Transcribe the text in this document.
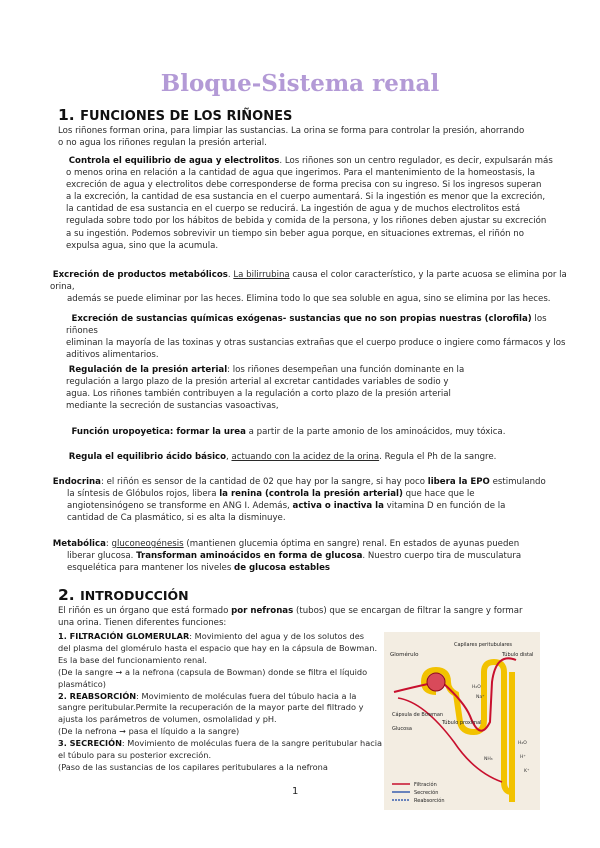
Bloque-Sistema renal
1. FUNCIONES DE LOS RIÑONES
Los riñones forman orina, para limpiar las sustancias. La orina se forma para controlar la presión, ahorrando
o no agua los riñones regulan la presión arterial.
Controla el equilibrio de agua y electrolitos. Los riñones son un centro regulador, es decir, expulsarán más
o menos orina en relación a la cantidad de agua que ingerimos. Para el mantenimiento de la homeostasis, la
excreción de agua y electrolitos debe corresponderse de forma precisa con su ingreso. Si los ingresos superan
a la excreción, la cantidad de esa sustancia en el cuerpo aumentará. Si la ingestión es menor que la excreción,
la cantidad de esa sustancia en el cuerpo se reducirá. La ingestión de agua y de muchos electrolitos está
regulada sobre todo por los hábitos de bebida y comida de la persona, y los riñones deben ajustar su excreción
a su ingestión. Podemos sobrevivir un tiempo sin beber agua porque, en situaciones extremas, el riñón no
expulsa agua, sino que la acumula.
Excreción de productos metabólicos. La bilirrubina causa el color característico, y la parte acuosa se elimina por la orina,
además se puede eliminar por las heces. Elimina todo lo que sea soluble en agua, sino se elimina por las heces.
Excreción de sustancias químicas exógenas- sustancias que no son propias nuestras (clorofila) los riñones
eliminan la mayoría de las toxinas y otras sustancias extrañas que el cuerpo produce o ingiere como fármacos y los
aditivos alimentarios.
Regulación de la presión arterial: los riñones desempeñan una función dominante en la
regulación a largo plazo de la presión arterial al excretar cantidades variables de sodio y
agua. Los riñones también contribuyen a la regulación a corto plazo de la presión arterial
mediante la secreción de sustancias vasoactivas,
Función uropoyetica: formar la urea a partir de la parte amonio de los aminoácidos, muy tóxica.
Regula el equilibrio ácido básico, actuando con la acidez de la orina. Regula el Ph de la sangre.
Endocrina: el riñón es sensor de la cantidad de 02 que hay por la sangre, si hay poco libera la EPO estimulando
la síntesis de Glóbulos rojos, libera la renina (controla la presión arterial) que hace que le
angiotensinógeno se transforme en ANG I. Además, activa o inactiva la vitamina D en función de la
cantidad de Ca plasmático, si es alta la disminuye.
Metabólica: gluconeogénesis (mantienen glucemia óptima en sangre) renal. En estados de ayunas pueden
liberar glucosa. Transforman aminoácidos en forma de glucosa. Nuestro cuerpo tira de musculatura
esquelética para mantener los niveles de glucosa estables
2. INTRODUCCIÓN
El riñón es un órgano que está formado por nefronas (tubos) que se encargan de filtrar la sangre y formar
una orina. Tienen diferentes funciones:
1. FILTRACIÓN GLOMERULAR: Movimiento del agua y de los solutos des
del plasma del glomérulo hasta el espacio que hay en la cápsula de Bowman.
Es la base del funcionamiento renal.
(De la sangre ➞ a la nefrona (capsula de Bowman) donde se filtra el líquido
plasmático)
2. REABSORCIÓN: Movimiento de moléculas fuera del túbulo hacia a la
sangre peritubular.Permite la recuperación de la mayor parte del filtrado y
ajusta los parámetros de volumen, osmolalidad y pH.
(De la nefrona ➞ pasa el líquido a la sangre)
3. SECRECIÓN: Movimiento de moléculas fuera de la sangre peritubular hacia
el túbulo para su posterior excreción.
(Paso de las sustancias de los capilares peritubulares a la nefrona
Glomérulo
Capilares peritubulares
Túbulo distal
Cápsula de Bowman
Glucosa
Túbulo proximal
H₂O
H₂O
NH₃	H⁺
Na⁺
K⁺
Filtración
Secreción
Reabsorción
1
